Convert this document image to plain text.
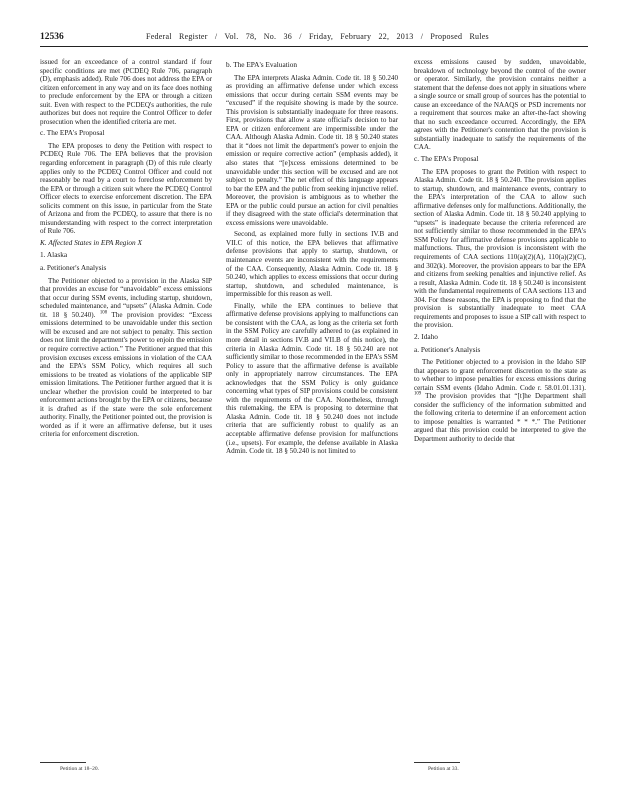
12536	Federal Register / Vol. 78, No. 36 / Friday, February 22, 2013 / Proposed Rules

issued for an exceedance of a control standard if four specific conditions are met (PCDEQ Rule 706, paragraph (D), emphasis added). Rule 706 does not address the EPA or citizen enforcement in any way and on its face does nothing to preclude enforcement by the EPA or through a citizen suit. Even with respect to the PCDEQ's authorities, the rule authorizes but does not require the Control Officer to defer prosecution when the identified criteria are met.

c. The EPA's Proposal

The EPA proposes to deny the Petition with respect to PCDEQ Rule 706. The EPA believes that the provision regarding enforcement in paragraph (D) of this rule clearly applies only to the PCDEQ Control Officer and could not reasonably be read by a court to foreclose enforcement by the EPA or through a citizen suit where the PCDEQ Control Officer elects to exercise enforcement discretion. The EPA solicits comment on this issue, in particular from the State of Arizona and from the PCDEQ, to assure that there is no misunderstanding with respect to the correct interpretation of Rule 706.

K. Affected States in EPA Region X
1. Alaska
a. Petitioner's Analysis

The Petitioner objected to a provision in the Alaska SIP that provides an excuse for “unavoidable” excess emissions that occur during SSM events, including startup, shutdown, scheduled maintenance, and “upsets” (Alaska Admin. Code tit. 18 § 50.240). $^{108}$ The provision provides: “Excess emissions determined to be unavoidable under this section will be excused and are not subject to penalty. This section does not limit the department's power to enjoin the emission or require corrective action.” The Petitioner argued that this provision excuses excess emissions in violation of the CAA and the EPA's SSM Policy, which requires all such emissions to be treated as violations of the applicable SIP emission limitations. The Petitioner further argued that it is unclear whether the provision could be interpreted to bar enforcement actions brought by the EPA or citizens, because it is drafted as if the state were the sole enforcement authority. Finally, the Petitioner pointed out, the provision is worded as if it were an affirmative defense, but it uses criteria for enforcement discretion.

Petition at 18–20.
b. The EPA's Evaluation

The EPA interprets Alaska Admin. Code tit. 18 § 50.240 as providing an affirmative defense under which excess emissions that occur during certain SSM events may be “excused” if the requisite showing is made by the source. This provision is substantially inadequate for three reasons. First, provisions that allow a state official's decision to bar EPA or citizen enforcement are impermissible under the CAA. Although Alaska Admin. Code tit. 18 § 50.240 states that it “does not limit the department's power to enjoin the emission or require corrective action” (emphasis added), it also states that “[e]xcess emissions determined to be unavoidable under this section will be excused and are not subject to penalty.” The net effect of this language appears to bar the EPA and the public from seeking injunctive relief. Moreover, the provision is ambiguous as to whether the EPA or the public could pursue an action for civil penalties if they disagreed with the state official's determination that excess emissions were unavoidable.

Second, as explained more fully in sections IV.B and VII.C of this notice, the EPA believes that affirmative defense provisions that apply to startup, shutdown, or maintenance events are inconsistent with the requirements of the CAA. Consequently, Alaska Admin. Code tit. 18 § 50.240, which applies to excess emissions that occur during startup, shutdown, and scheduled maintenance, is impermissible for this reason as well.

Finally, while the EPA continues to believe that affirmative defense provisions applying to malfunctions can be consistent with the CAA, as long as the criteria set forth in the SSM Policy are carefully adhered to (as explained in more detail in sections IV.B and VII.B of this notice), the criteria in Alaska Admin. Code tit. 18 § 50.240 are not sufficiently similar to those recommended in the EPA's SSM Policy to assure that the affirmative defense is available only in appropriately narrow circumstances. The EPA acknowledges that the SSM Policy is only guidance concerning what types of SIP provisions could be consistent with the requirements of the CAA. Nonetheless, through this rulemaking, the EPA is proposing to determine that Alaska Admin. Code tit. 18 § 50.240 does not include criteria that are sufficiently robust to qualify as an acceptable affirmative defense provision for malfunctions (i.e., upsets). For example, the defense available in Alaska Admin. Code tit. 18 § 50.240 is not limited to

excess emissions caused by sudden, unavoidable, breakdown of technology beyond the control of the owner or operator. Similarly, the provision contains neither a statement that the defense does not apply in situations where a single source or small group of sources has the potential to cause an exceedance of the NAAQS or PSD increments nor a requirement that sources make an after-the-fact showing that no such exceedance occurred. Accordingly, the EPA agrees with the Petitioner's contention that the provision is substantially inadequate to satisfy the requirements of the CAA.

c. The EPA's Proposal

The EPA proposes to grant the Petition with respect to Alaska Admin. Code tit. 18 § 50.240. The provision applies to startup, shutdown, and maintenance events, contrary to the EPA's interpretation of the CAA to allow such affirmative defenses only for malfunctions. Additionally, the section of Alaska Admin. Code tit. 18 § 50.240 applying to “upsets” is inadequate because the criteria referenced are not sufficiently similar to those recommended in the EPA's SSM Policy for affirmative defense provisions applicable to malfunctions. Thus, the provision is inconsistent with the requirements of CAA sections 110(a)(2)(A), 110(a)(2)(C), and 302(k). Moreover, the provision appears to bar the EPA and citizens from seeking penalties and injunctive relief. As a result, Alaska Admin. Code tit. 18 § 50.240 is inconsistent with the fundamental requirements of CAA sections 113 and 304. For these reasons, the EPA is proposing to find that the provision is substantially inadequate to meet CAA requirements and proposes to issue a SIP call with respect to the provision.

2. Idaho
a. Petitioner's Analysis

The Petitioner objected to a provision in the Idaho SIP that appears to grant enforcement discretion to the state as to whether to impose penalties for excess emissions during certain SSM events (Idaho Admin. Code r. 58.01.01.131). $^{109}$ The provision provides that “[t]he Department shall consider the sufficiency of the information submitted and the following criteria to determine if an enforcement action to impose penalties is warranted * * *.” The Petitioner argued that this provision could be interpreted to give the Department authority to decide that

Petition at 33.
